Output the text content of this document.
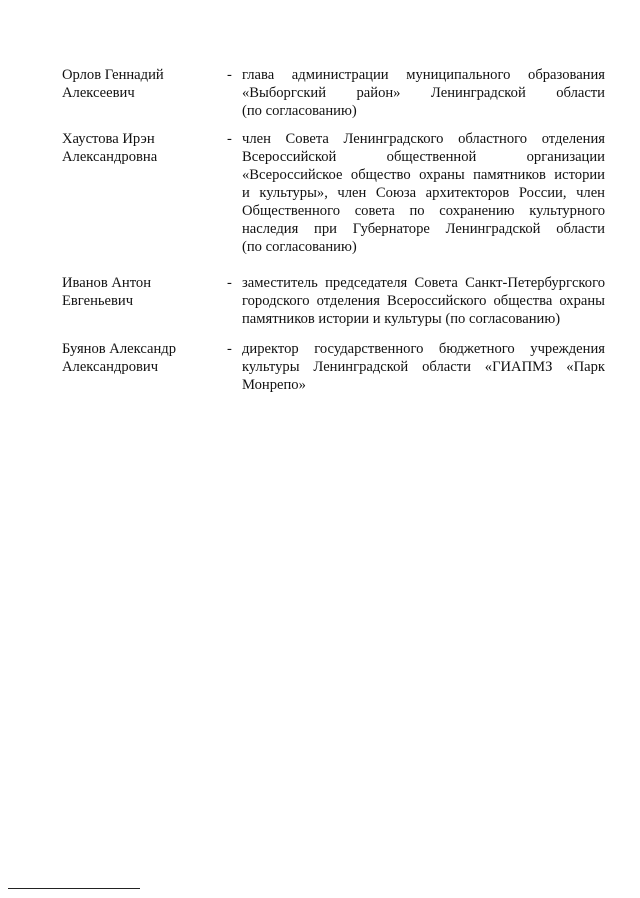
Орлов Геннадий
Алексеевич
- глава администрации муниципального образования
«Выборгский район» Ленинградской области
(по согласованию)
Хаустова Ирэн
Александровна
- член Совета Ленинградского областного отделения
Всероссийской общественной организации
«Всероссийское общество охраны памятников истории
и культуры», член Союза архитекторов России, член
Общественного совета по сохранению культурного
наследия при Губернаторе Ленинградской области
(по согласованию)
Иванов Антон
Евгеньевич
- заместитель председателя Совета Санкт-Петербургского
городского отделения Всероссийского общества охраны
памятников истории и культуры (по согласованию)
Буянов Александр
Александрович
- директор государственного бюджетного учреждения
культуры Ленинградской области «ГИАПМЗ «Парк
Монрепо»
